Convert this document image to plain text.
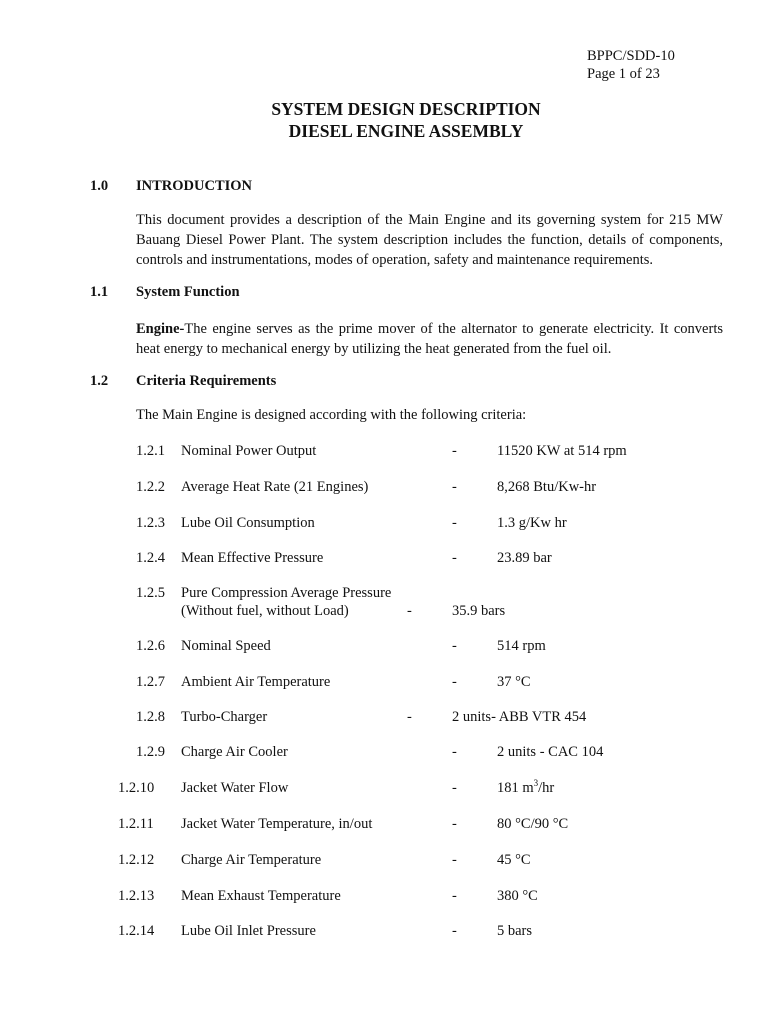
BPPC/SDD-10
Page 1 of 23
SYSTEM DESIGN DESCRIPTION
DIESEL ENGINE ASSEMBLY
1.0 INTRODUCTION
This document provides a description of the Main Engine and its governing system for 215 MW
Bauang Diesel Power Plant. The system description includes the function, details of components,
controls and instrumentations, modes of operation, safety and maintenance requirements.
1.1 System Function
Engine-The engine serves as the prime mover of the alternator to generate electricity. It converts
heat energy to mechanical energy by utilizing the heat generated from the fuel oil.
1.2 Criteria Requirements
The Main Engine is designed according with the following criteria:
1.2.1 Nominal Power Output	-	11520 KW at 514 rpm
1.2.2 Average Heat Rate (21 Engines)	-	8,268 Btu/Kw-hr
1.2.3 Lube Oil Consumption	-	1.3 g/Kw hr
1.2.4 Mean Effective Pressure	-	23.89 bar
1.2.5 Pure Compression Average Pressure
(Without fuel, without Load)	-	35.9 bars
1.2.6 Nominal Speed	-	514 rpm
1.2.7 Ambient Air Temperature	-	37 °C
1.2.8 Turbo-Charger	-	2 units- ABB VTR 454
1.2.9 Charge Air Cooler	-	2 units - CAC 104
1.2.10 Jacket Water Flow	-	181 $m^3/hr$
1.2.11 Jacket Water Temperature, in/out	-	80 °C/90 °C
1.2.12 Charge Air Temperature	-	45 °C
1.2.13 Mean Exhaust Temperature	-	380 °C
1.2.14 Lube Oil Inlet Pressure	-	5 bars
